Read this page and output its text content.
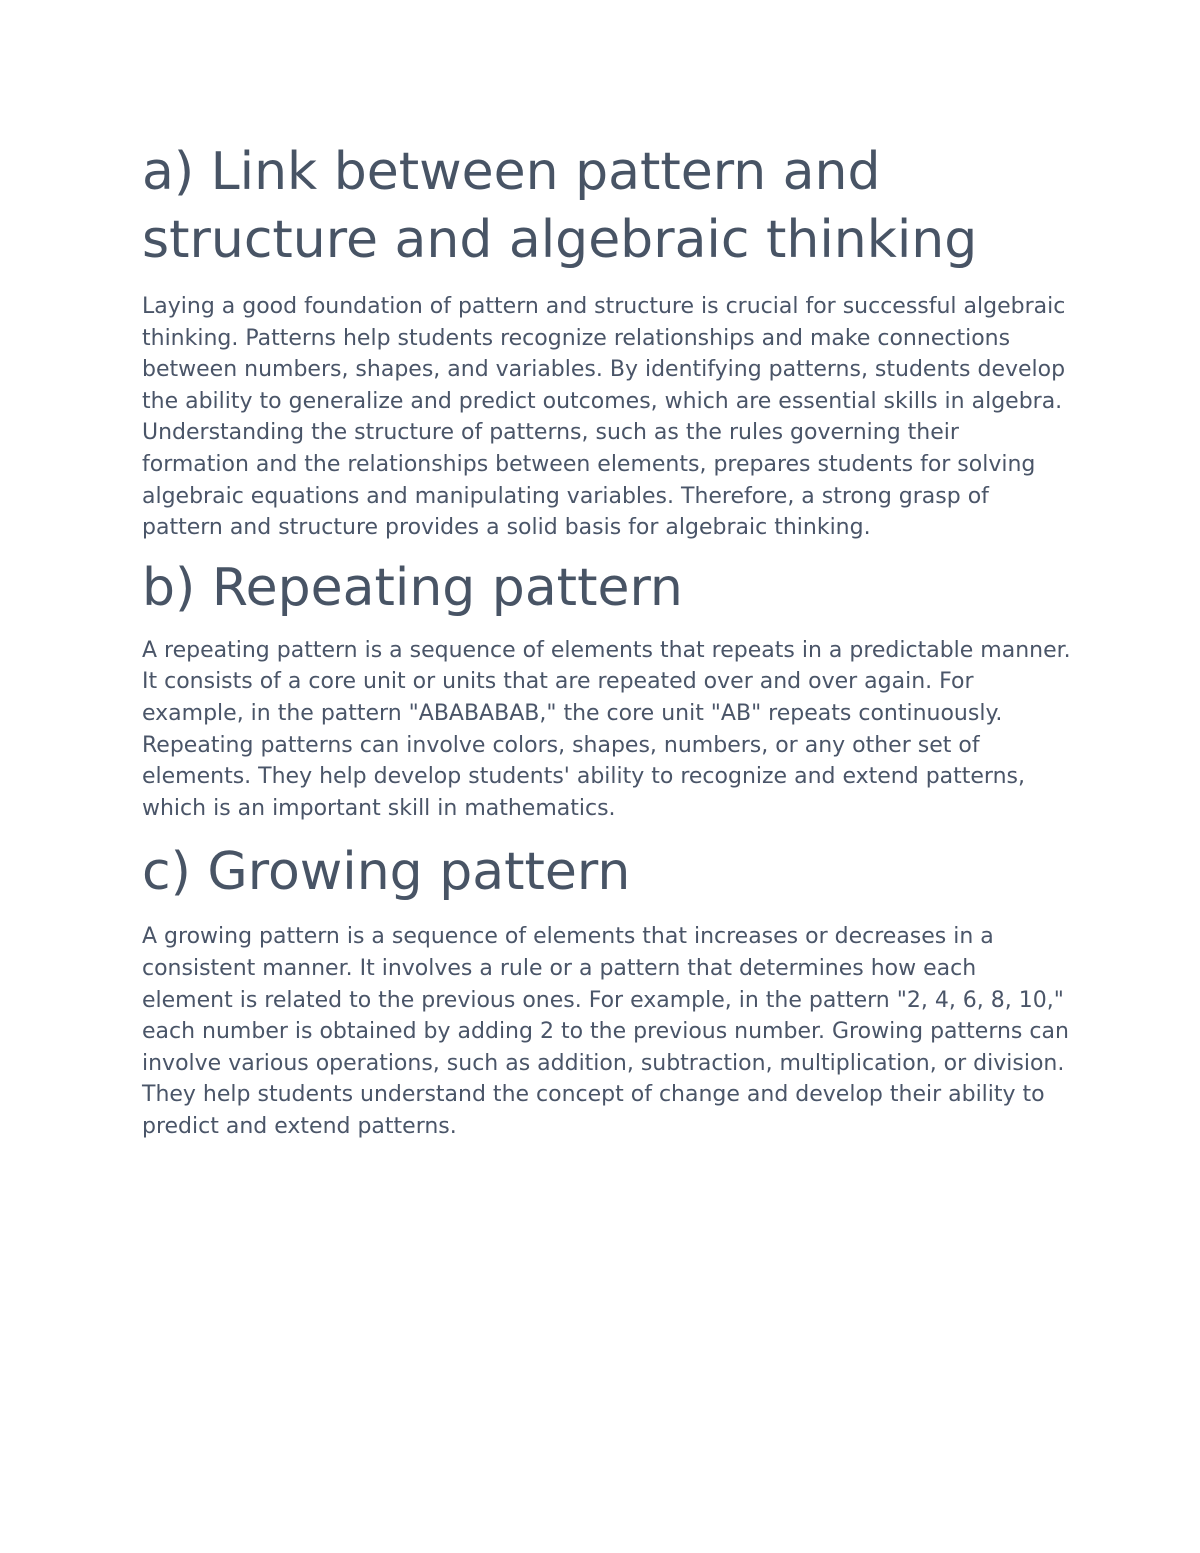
a) Link between pattern and structure and algebraic thinking

Laying a good foundation of pattern and structure is crucial for successful algebraic thinking. Patterns help students recognize relationships and make connections between numbers, shapes, and variables. By identifying patterns, students develop the ability to generalize and predict outcomes, which are essential skills in algebra. Understanding the structure of patterns, such as the rules governing their formation and the relationships between elements, prepares students for solving algebraic equations and manipulating variables. Therefore, a strong grasp of pattern and structure provides a solid basis for algebraic thinking.

b) Repeating pattern

A repeating pattern is a sequence of elements that repeats in a predictable manner. It consists of a core unit or units that are repeated over and over again. For example, in the pattern "ABABABAB," the core unit "AB" repeats continuously. Repeating patterns can involve colors, shapes, numbers, or any other set of elements. They help develop students' ability to recognize and extend patterns, which is an important skill in mathematics.

c) Growing pattern

A growing pattern is a sequence of elements that increases or decreases in a consistent manner. It involves a rule or a pattern that determines how each element is related to the previous ones. For example, in the pattern "2, 4, 6, 8, 10," each number is obtained by adding 2 to the previous number. Growing patterns can involve various operations, such as addition, subtraction, multiplication, or division. They help students understand the concept of change and develop their ability to predict and extend patterns.
